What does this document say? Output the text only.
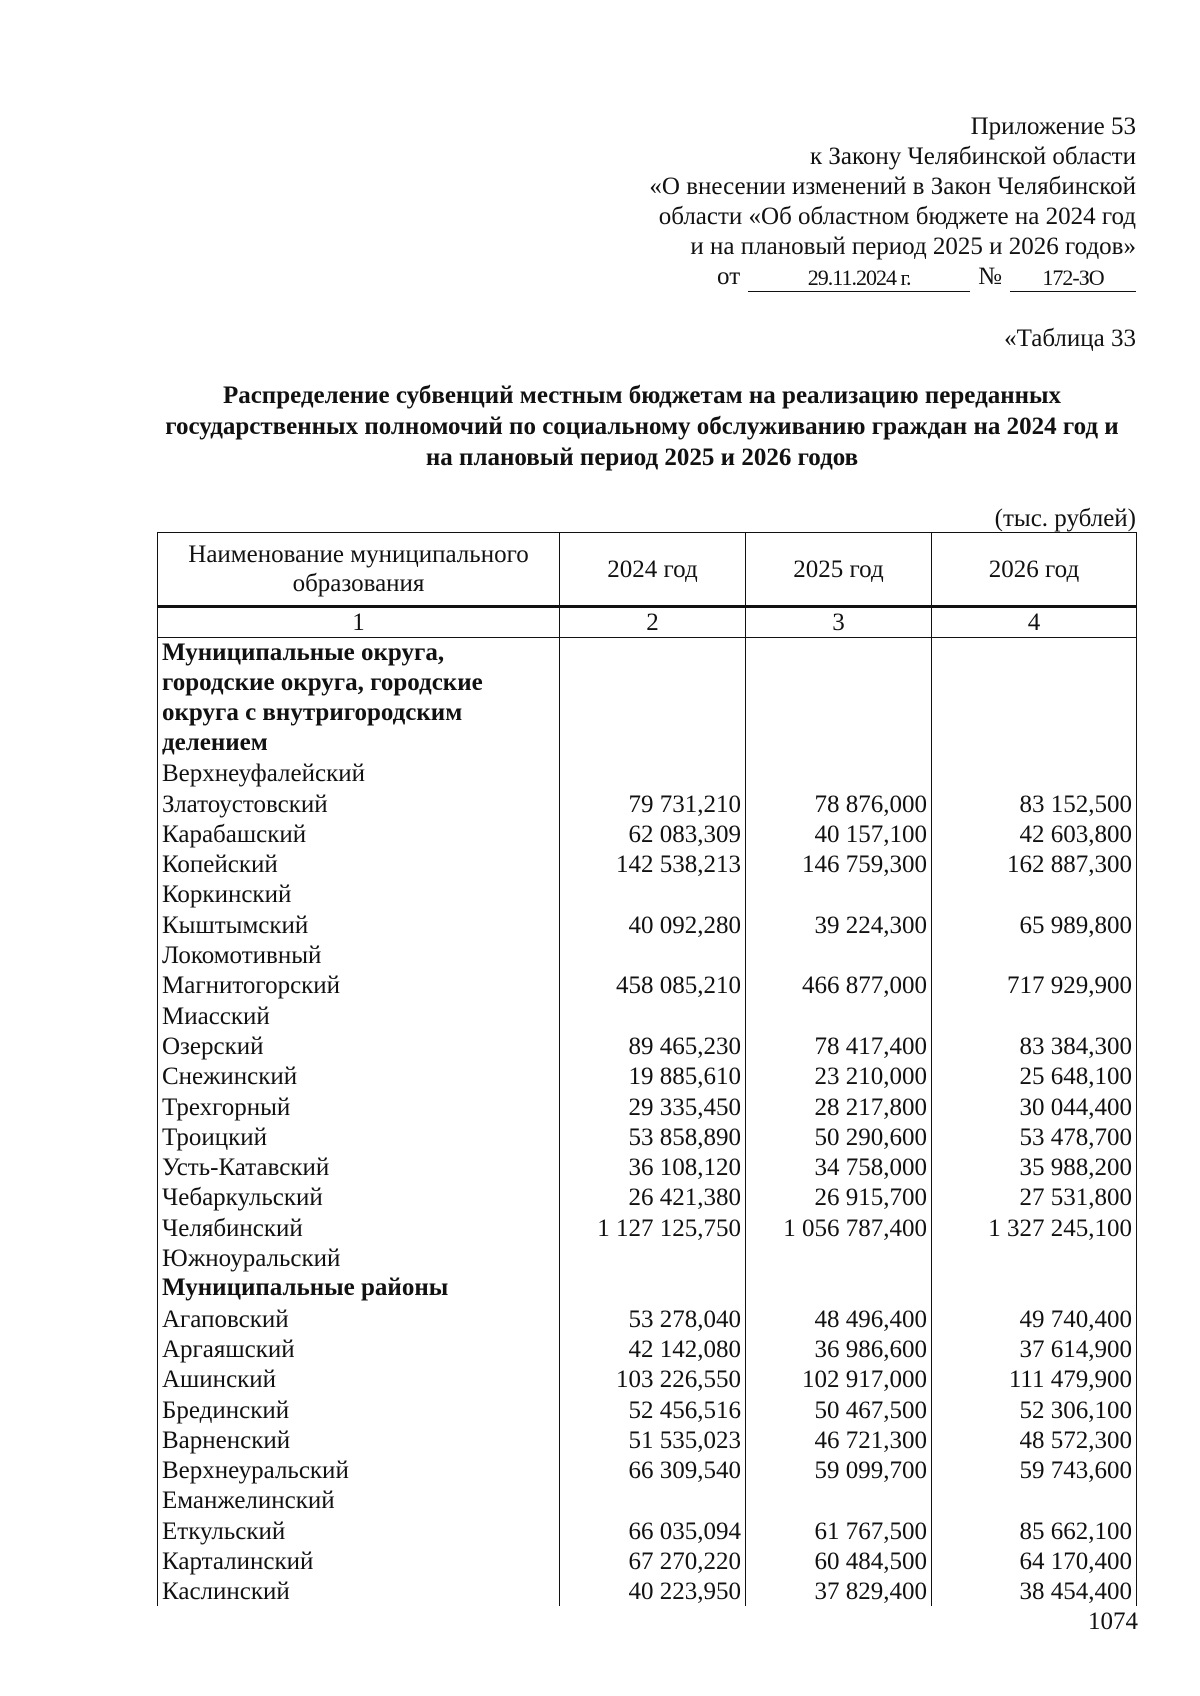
Приложение 53
к Закону Челябинской области
«О внесении изменений в Закон Челябинской
области «Об областном бюджете на 2024 год
и на плановый период 2025 и 2026 годов»
от	29.11.2024 г.	№	172-ЗО
«Таблица 33
Распределение субвенций местным бюджетам на реализацию переданных государственных полномочий по социальному обслуживанию граждан на 2024 год и на плановый период 2025 и 2026 годов
(тыс. рублей)
Наименование муниципального образования	2024 год	2025 год	2026 год
1	2	3	4
Муниципальные округа, городские округа, городские округа с внутригородским делением			
Верхнеуфалейский			
Златоустовский	79 731,210	78 876,000	83 152,500
Карабашский	62 083,309	40 157,100	42 603,800
Копейский	142 538,213	146 759,300	162 887,300
Коркинский			
Кыштымский	40 092,280	39 224,300	65 989,800
Локомотивный			
Магнитогорский	458 085,210	466 877,000	717 929,900
Миасский			
Озерский	89 465,230	78 417,400	83 384,300
Снежинский	19 885,610	23 210,000	25 648,100
Трехгорный	29 335,450	28 217,800	30 044,400
Троицкий	53 858,890	50 290,600	53 478,700
Усть-Катавский	36 108,120	34 758,000	35 988,200
Чебаркульский	26 421,380	26 915,700	27 531,800
Челябинский	1 127 125,750	1 056 787,400	1 327 245,100
Южноуральский			
Муниципальные районы			
Агаповский	53 278,040	48 496,400	49 740,400
Аргаяшский	42 142,080	36 986,600	37 614,900
Ашинский	103 226,550	102 917,000	111 479,900
Брединский	52 456,516	50 467,500	52 306,100
Варненский	51 535,023	46 721,300	48 572,300
Верхнеуральский	66 309,540	59 099,700	59 743,600
Еманжелинский			
Еткульский	66 035,094	61 767,500	85 662,100
Карталинский	67 270,220	60 484,500	64 170,400
Каслинский	40 223,950	37 829,400	38 454,400
1074
